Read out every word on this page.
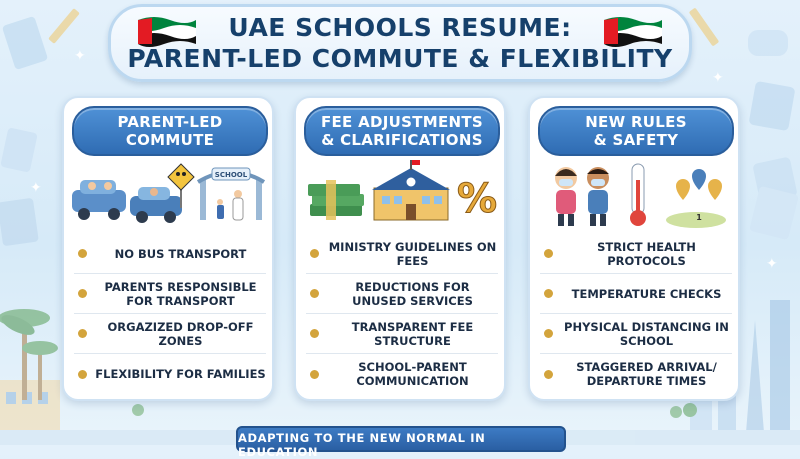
✦
✦
✦
✦
UAE SCHOOLS RESUME:
PARENT-LED COMMUTE & FLEXIBILITY
PARENT-LED
COMMUTE
SCHOOL
NO BUS TRANSPORT
PARENTS RESPONSIBLE FOR TRANSPORT
ORGAZIZED DROP-OFF ZONES
FLEXIBILITY FOR FAMILIES
FEE ADJUSTMENTS
& CLARIFICATIONS
%
MINISTRY GUIDELINES ON FEES
REDUCTIONS FOR UNUSED SERVICES
TRANSPARENT FEE STRUCTURE
SCHOOL-PARENT COMMUNICATION
NEW RULES
& SAFETY
1
STRICT HEALTH PROTOCOLS
TEMPERATURE CHECKS
PHYSICAL DISTANCING IN SCHOOL
STAGGERED ARRIVAL/ DEPARTURE TIMES
ADAPTING TO THE NEW NORMAL IN EDUCATION
